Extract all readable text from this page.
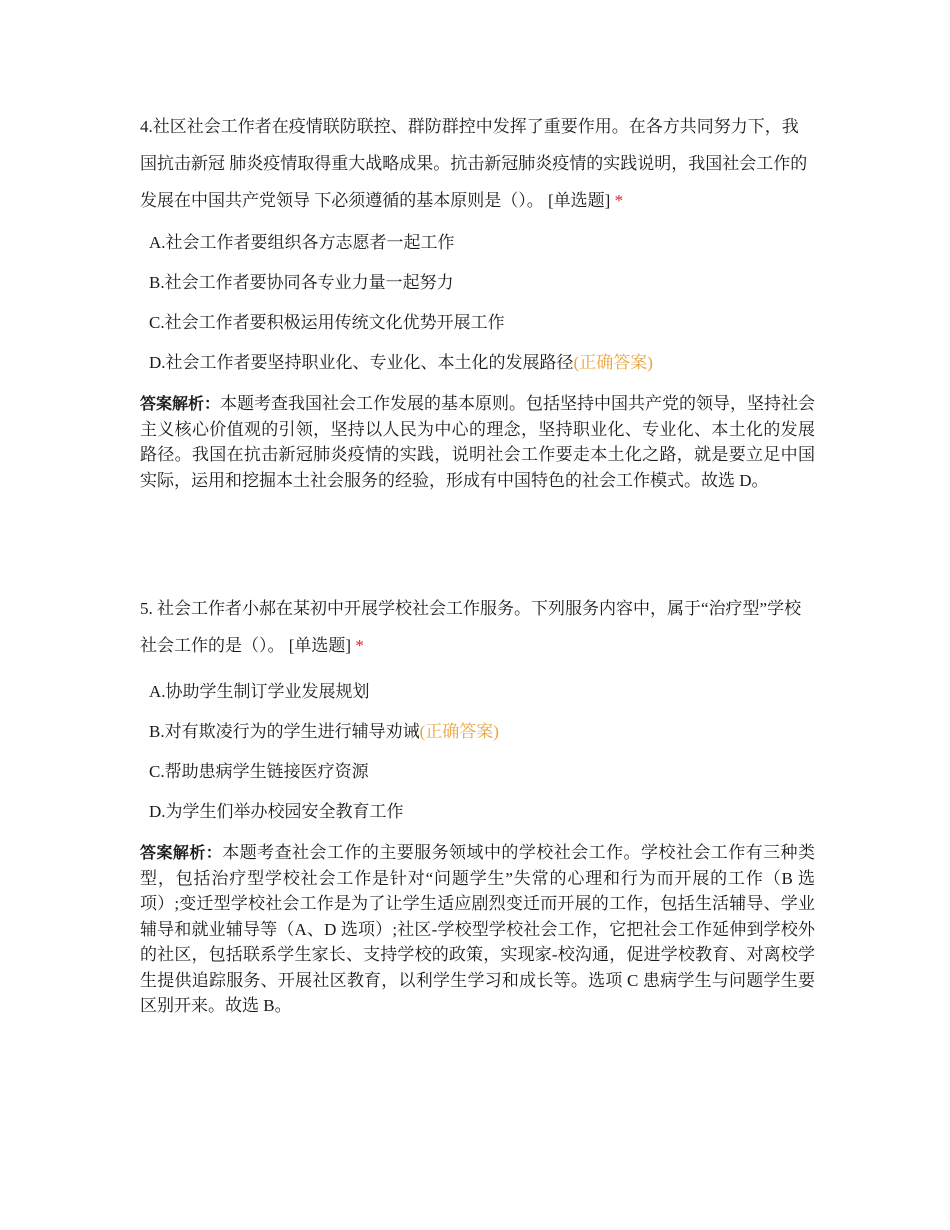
4.社区社会工作者在疫情联防联控、群防群控中发挥了重要作用。在各方共同努力下，我国抗击新冠 肺炎疫情取得重大战略成果。抗击新冠肺炎疫情的实践说明，我国社会工作的发展在中国共产党领导 下必须遵循的基本原则是（）。 [单选题] *

A.社会工作者要组织各方志愿者一起工作
B.社会工作者要协同各专业力量一起努力
C.社会工作者要积极运用传统文化优势开展工作
D.社会工作者要坚持职业化、专业化、本土化的发展路径(正确答案)

答案解析：本题考查我国社会工作发展的基本原则。包括坚持中国共产党的领导，坚持社会主义核心价值观的引领，坚持以人民为中心的理念，坚持职业化、专业化、本土化的发展路径。我国在抗击新冠肺炎疫情的实践，说明社会工作要走本土化之路，就是要立足中国实际，运用和挖掘本土社会服务的经验，形成有中国特色的社会工作模式。故选 D。

5. 社会工作者小郝在某初中开展学校社会工作服务。下列服务内容中，属于“治疗型”学校社会工作的是（）。 [单选题] *

A.协助学生制订学业发展规划
B.对有欺凌行为的学生进行辅导劝诫(正确答案)
C.帮助患病学生链接医疗资源
D.为学生们举办校园安全教育工作

答案解析：本题考查社会工作的主要服务领域中的学校社会工作。学校社会工作有三种类型，包括治疗型学校社会工作是针对“问题学生”失常的心理和行为而开展的工作（B 选项）;变迁型学校社会工作是为了让学生适应剧烈变迁而开展的工作，包括生活辅导、学业辅导和就业辅导等（A、D 选项）;社区-学校型学校社会工作，它把社会工作延伸到学校外的社区，包括联系学生家长、支持学校的政策，实现家-校沟通，促进学校教育、对离校学生提供追踪服务、开展社区教育，以利学生学习和成长等。选项 C 患病学生与问题学生要区别开来。故选 B。
